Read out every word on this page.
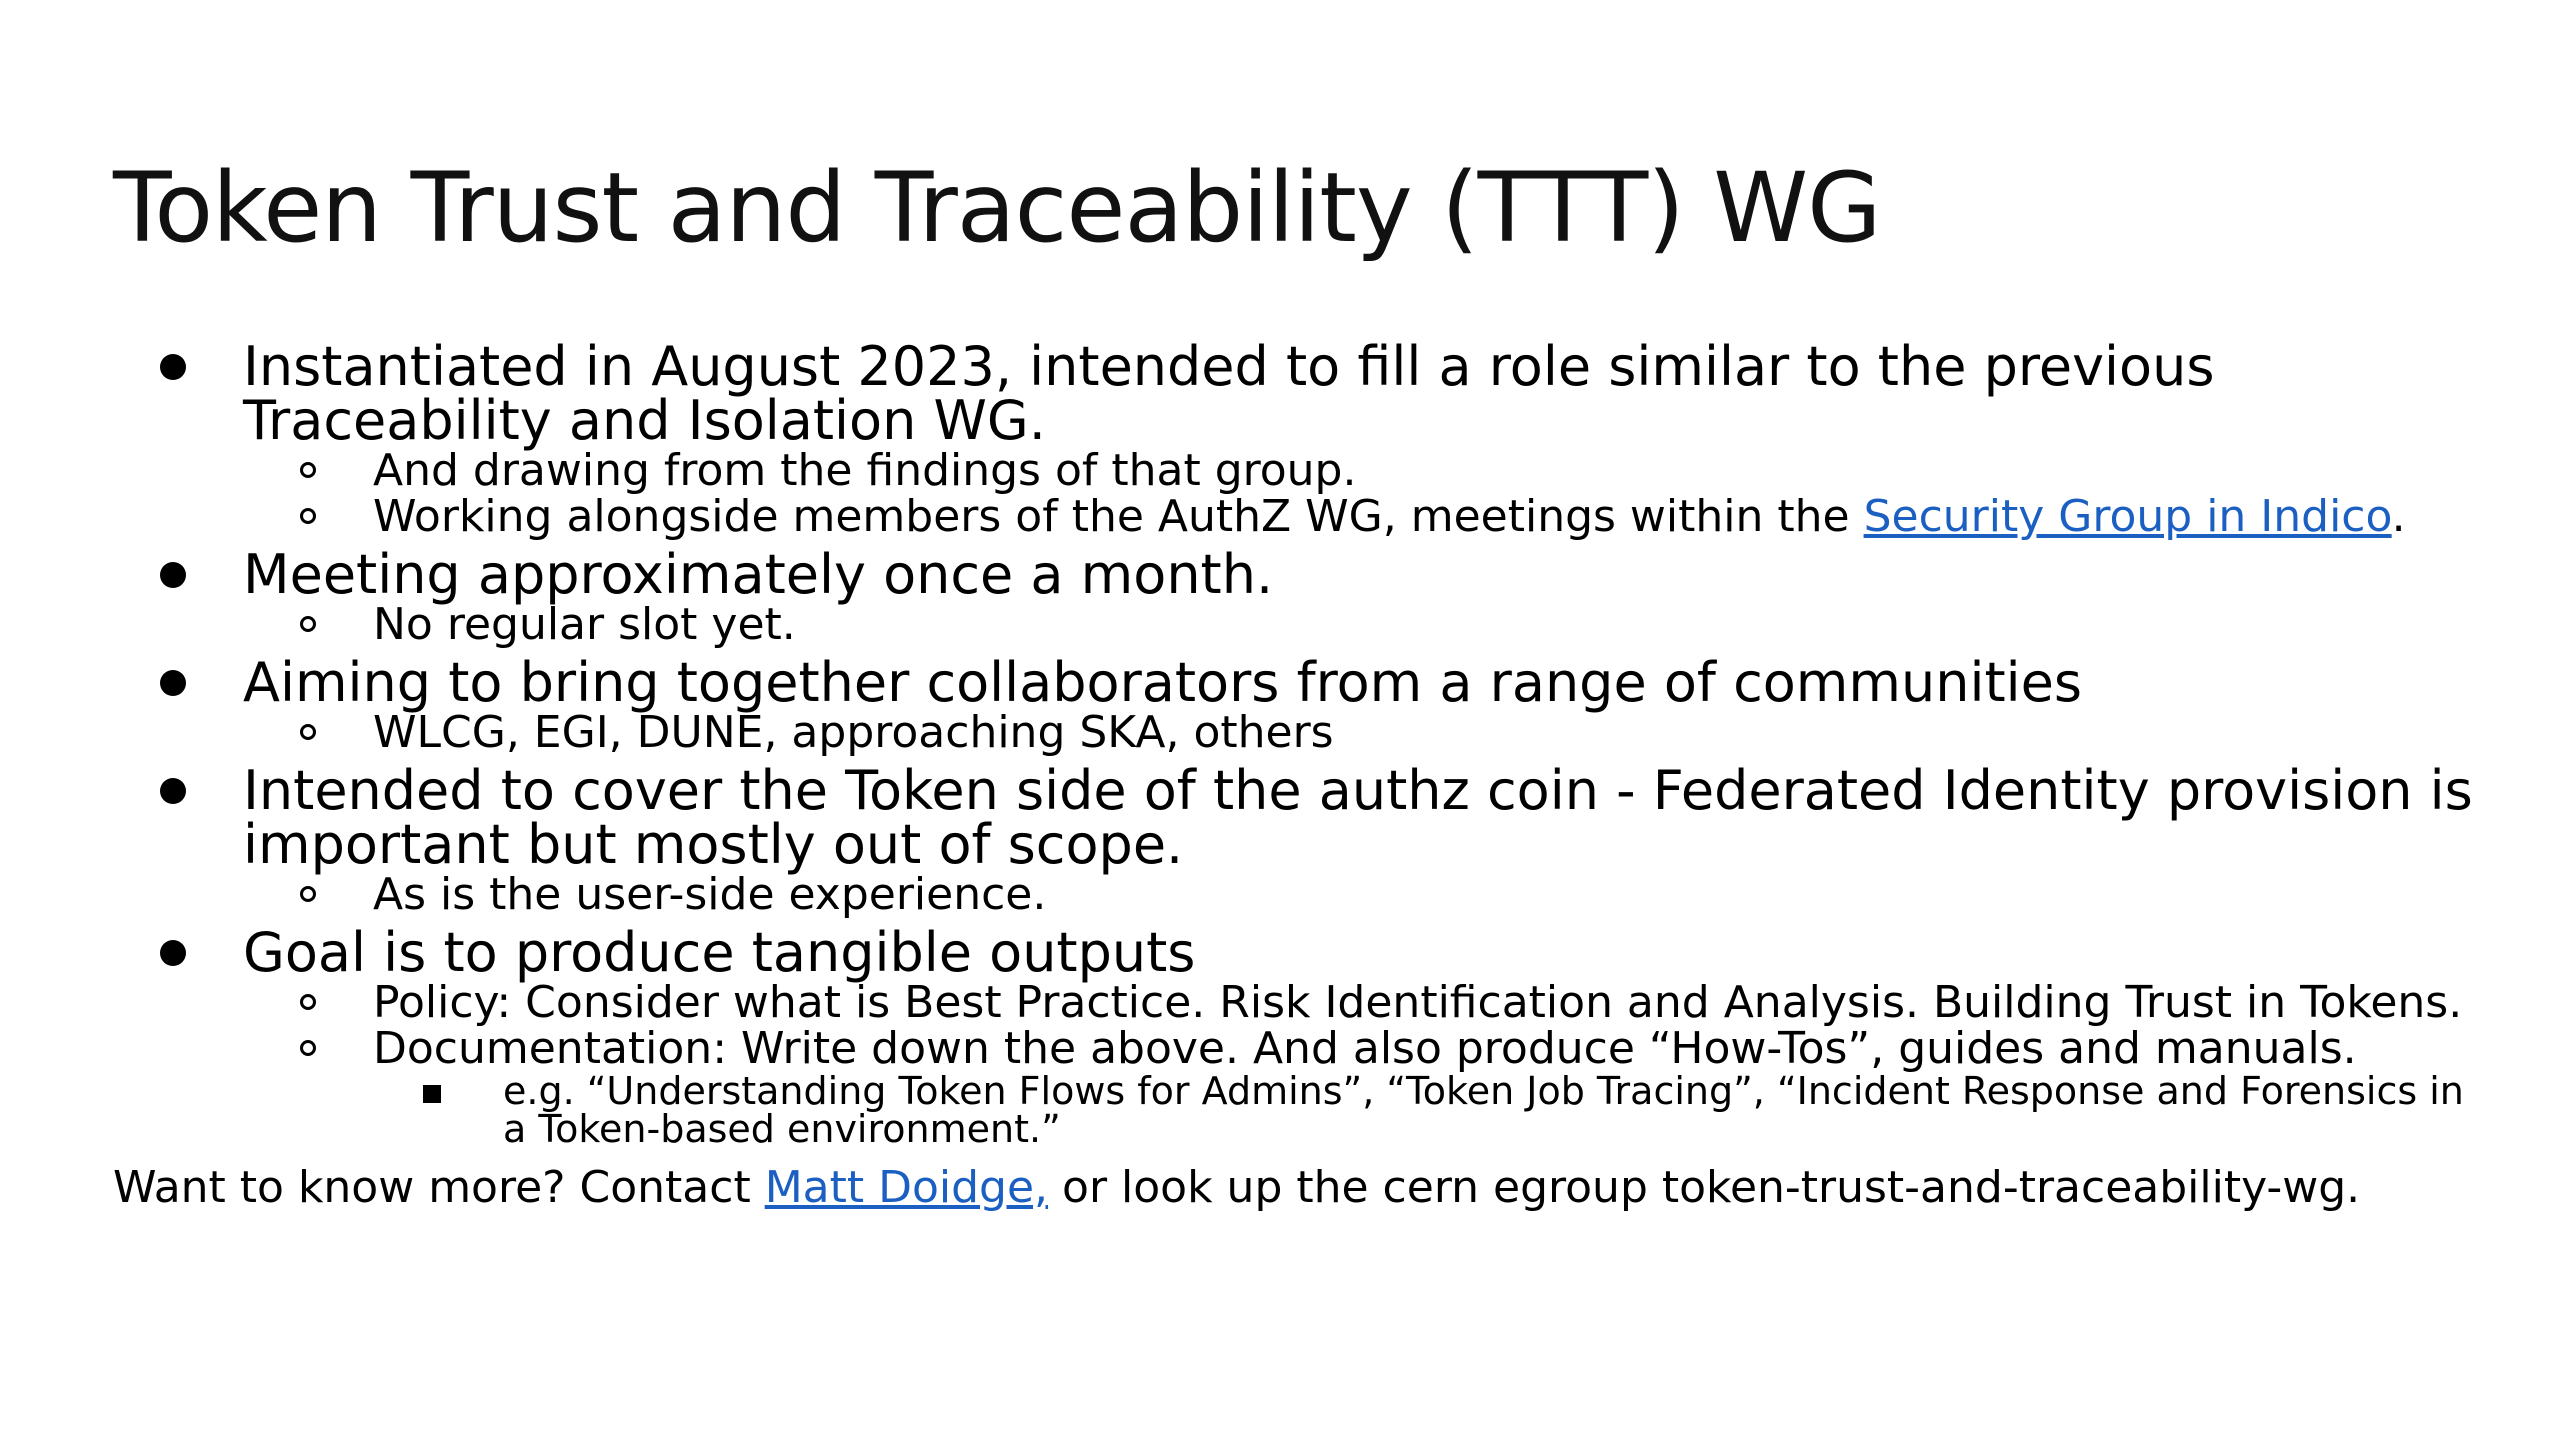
Token Trust and Traceability (TTT) WG
Instantiated in August 2023, intended to fill a role similar to the previous Traceability and Isolation WG.
And drawing from the findings of that group.
Working alongside members of the AuthZ WG, meetings within the Security Group in Indico.
Meeting approximately once a month.
No regular slot yet.
Aiming to bring together collaborators from a range of communities
WLCG, EGI, DUNE, approaching SKA, others
Intended to cover the Token side of the authz coin - Federated Identity provision is important but mostly out of scope.
As is the user-side experience.
Goal is to produce tangible outputs
Policy: Consider what is Best Practice. Risk Identification and Analysis. Building Trust in Tokens.
Documentation: Write down the above. And also produce “How-Tos”, guides and manuals.
e.g. “Understanding Token Flows for Admins”, “Token Job Tracing”, “Incident Response and Forensics in a Token-based environment.”
Want to know more? Contact Matt Doidge, or look up the cern egroup token-trust-and-traceability-wg.
